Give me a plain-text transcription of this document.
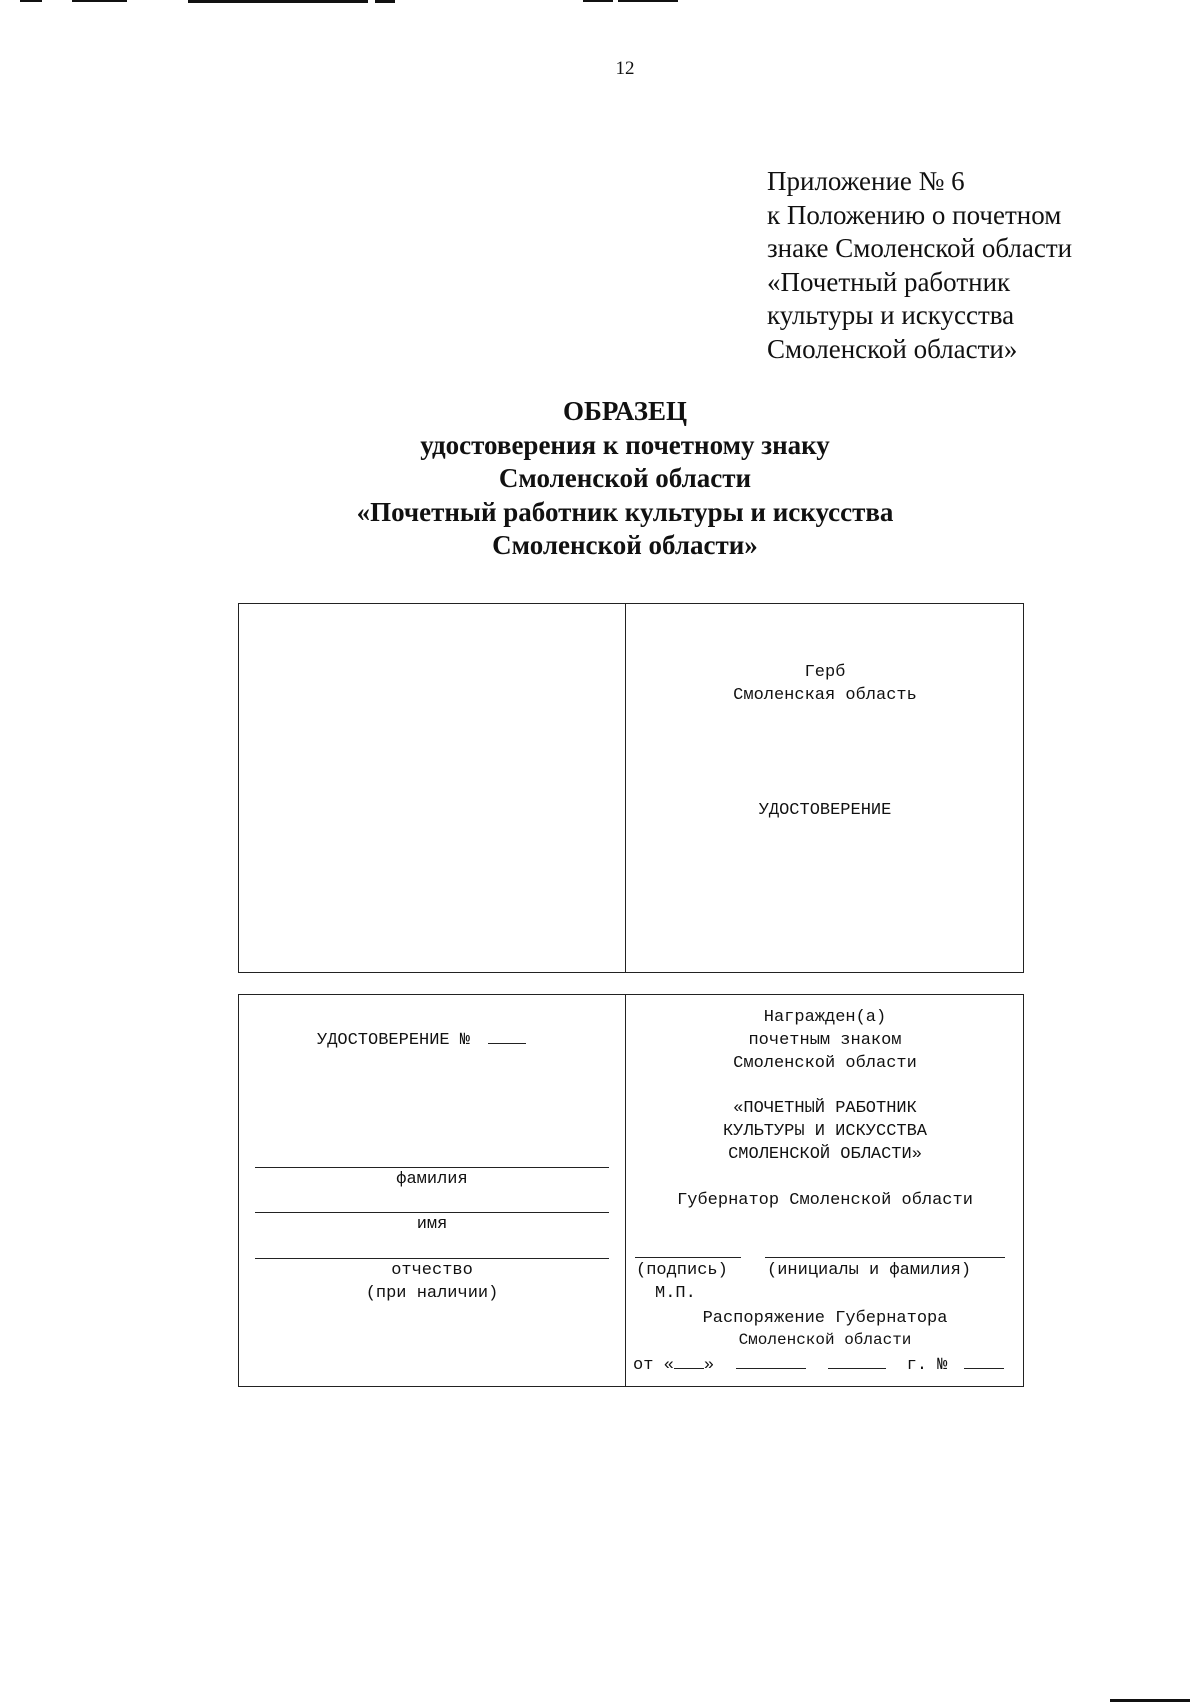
12
Приложение № 6
к Положению о почетном
знаке Смоленской области
«Почетный работник
культуры и искусства
Смоленской области»
ОБРАЗЕЦ
удостоверения к почетному знаку
Смоленской области
«Почетный работник культуры и искусства
Смоленской области»
Герб
Смоленская область
УДОСТОВЕРЕНИЕ
УДОСТОВЕРЕНИЕ №
фамилия
имя
отчество
(при наличии)
Награжден(а)
почетным знаком
Смоленской области
«ПОЧЕТНЫЙ РАБОТНИК
КУЛЬТУРЫ И ИСКУССТВА
СМОЛЕНСКОЙ ОБЛАСТИ»
Губернатор Смоленской области
(подпись) (инициалы и фамилия)
М.П.
Распоряжение Губернатора
Смоленской области
от « »	г. №
